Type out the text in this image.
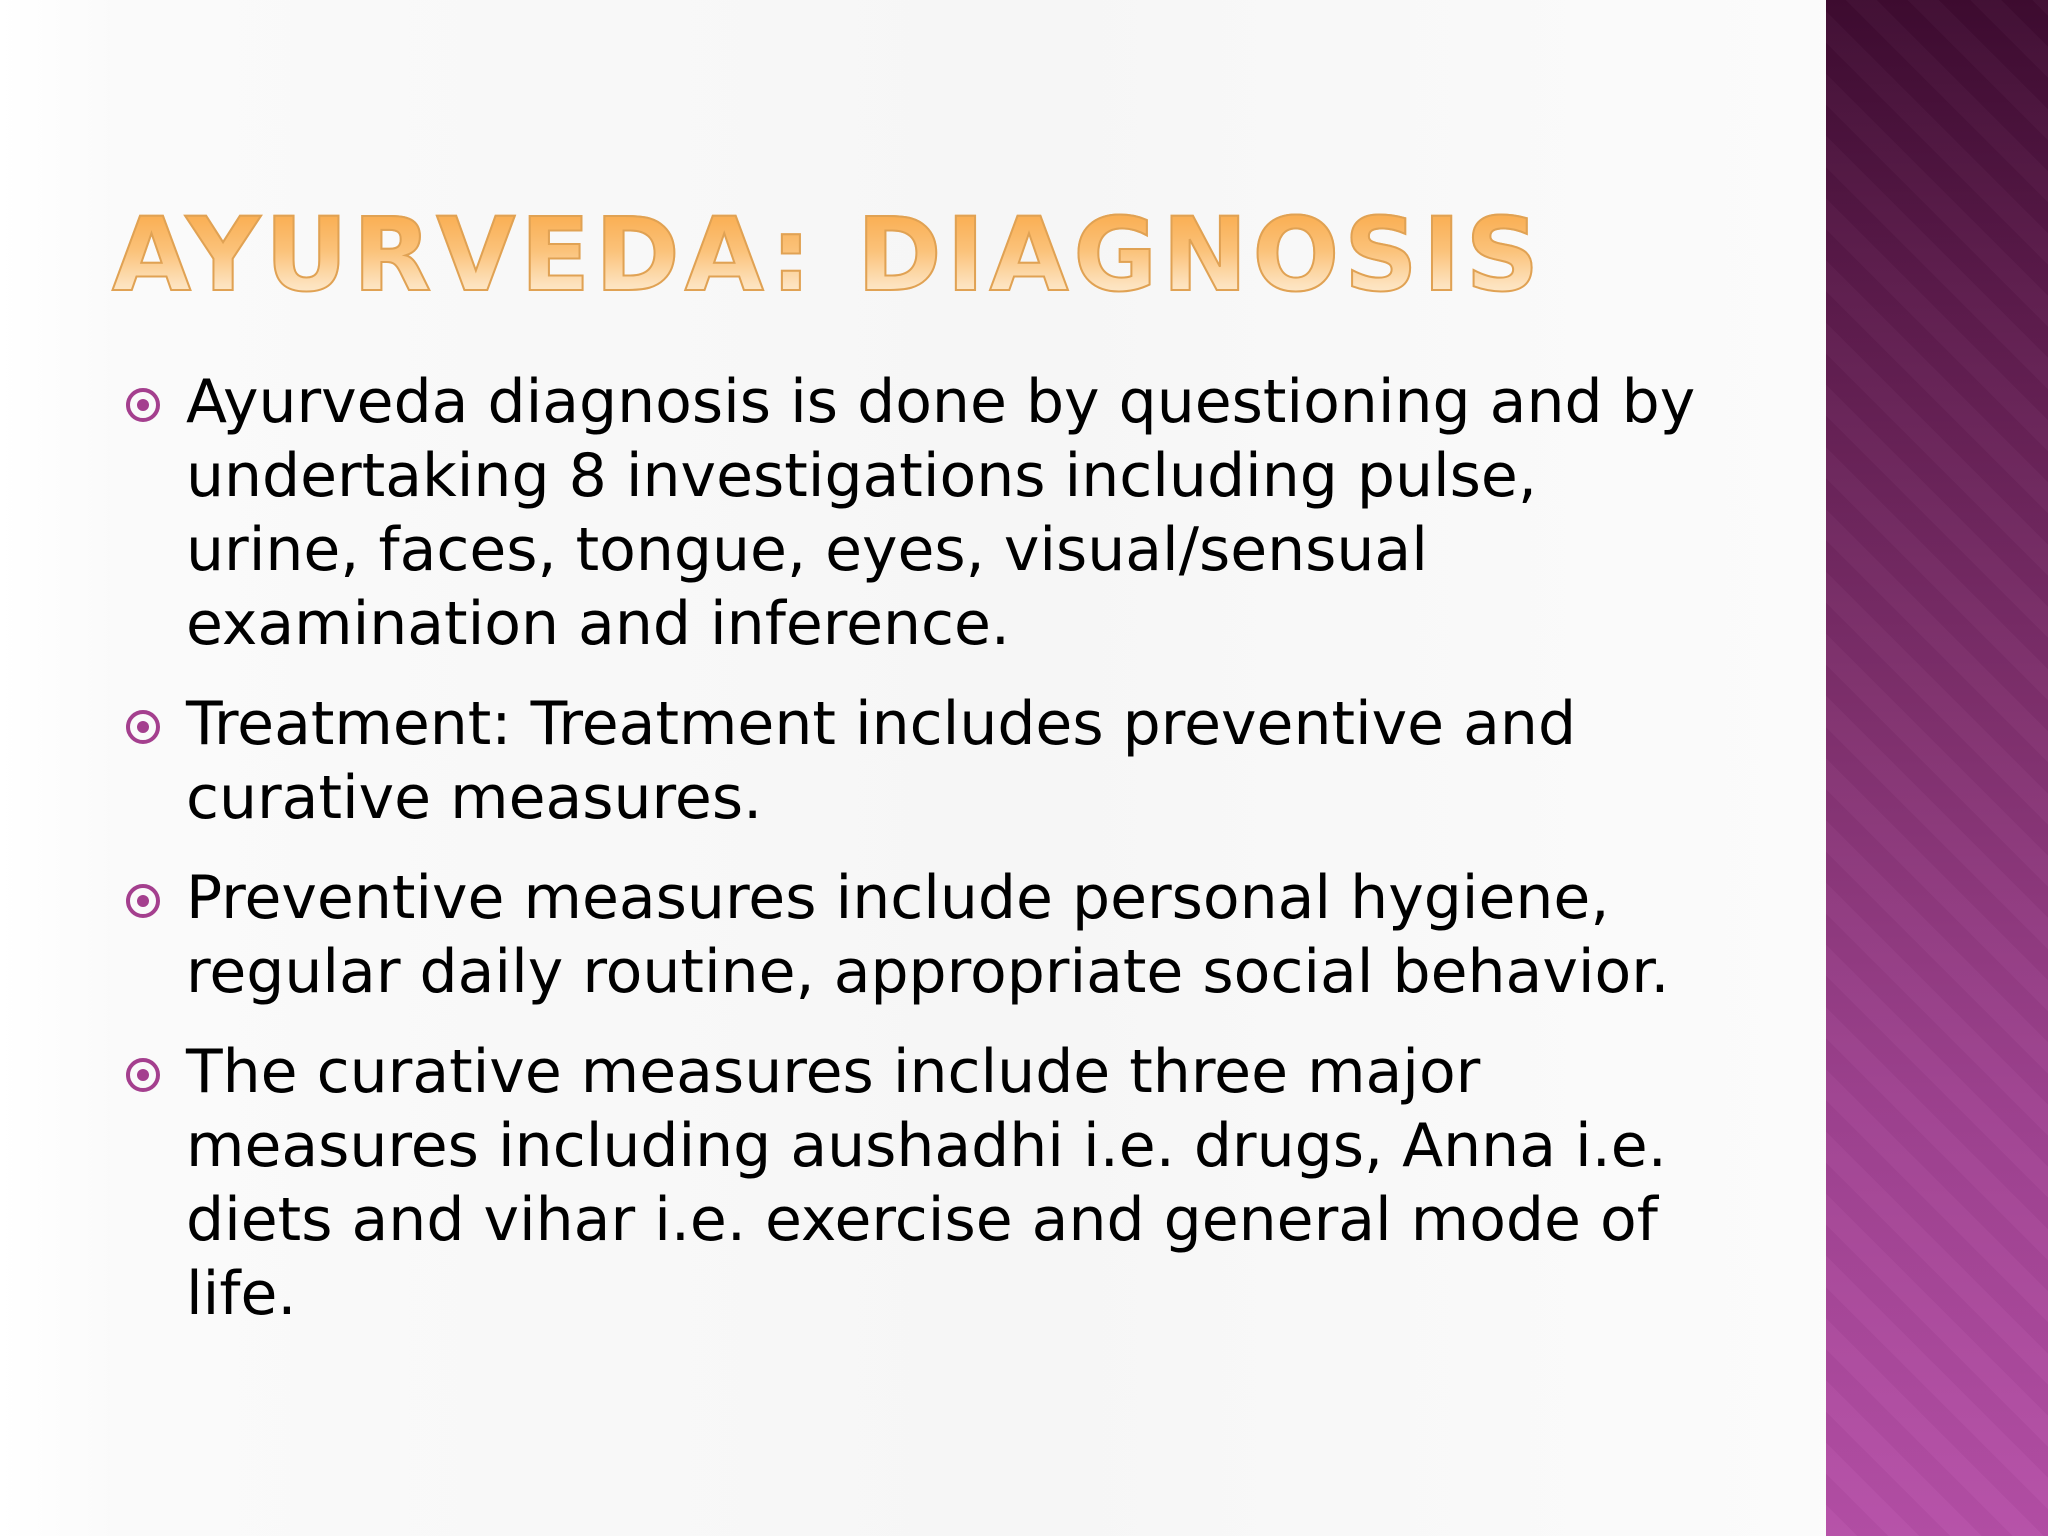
AYURVEDA: DIAGNOSIS
Ayurveda diagnosis is done by questioning and by undertaking 8 investigations including pulse, urine, faces, tongue, eyes, visual/sensual examination and inference.
Treatment: Treatment includes preventive and curative measures.
Preventive measures include personal hygiene, regular daily routine, appropriate social behavior.
The curative measures include three major measures including aushadhi i.e. drugs, Anna i.e. diets and vihar i.e. exercise and general mode of life.
